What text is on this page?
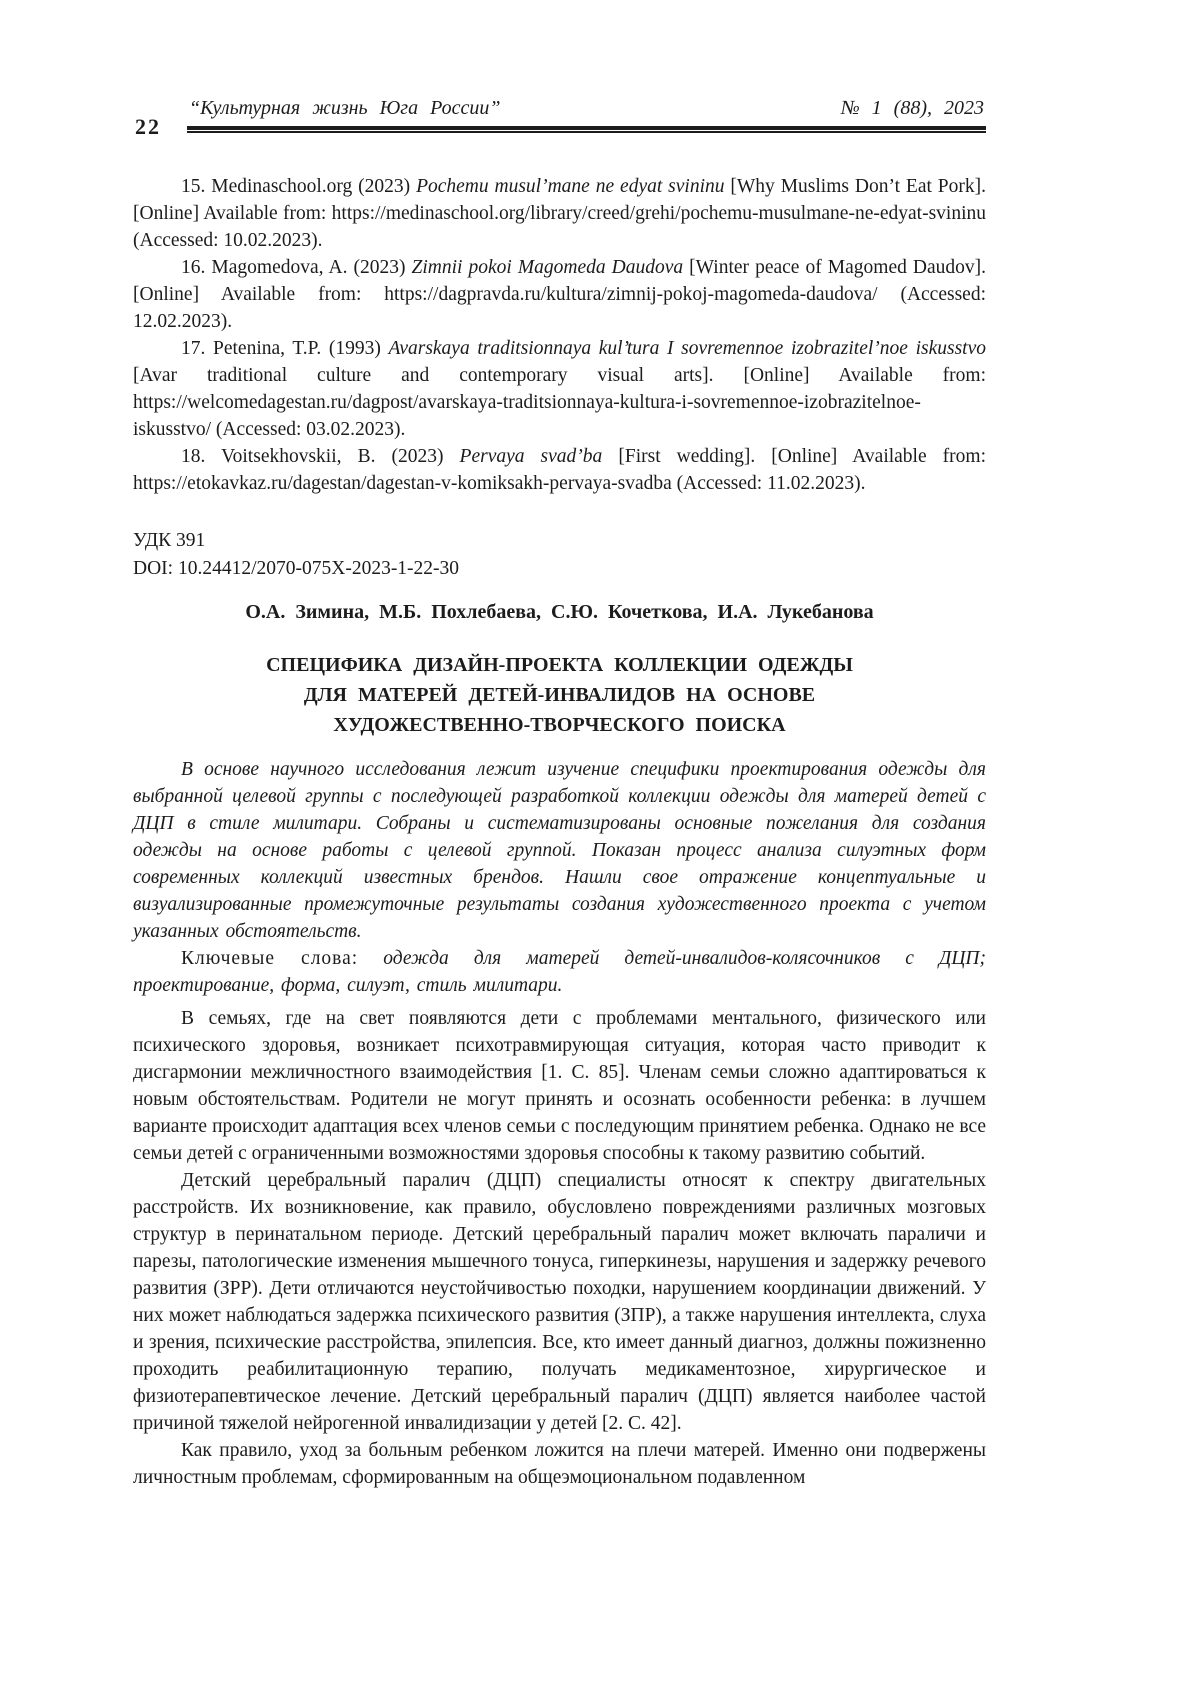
22
“Культурная жизнь Юга России”	№ 1 (88), 2023

15. Medinaschool.org (2023) Pochemu musul’mane ne edyat svininu [Why Muslims Don’t Eat Pork]. [Online] Available from: https://medinaschool.org/library/creed/grehi/pochemu-musulmane-ne-edyat-svininu (Accessed: 10.02.2023).

16. Magomedova, A. (2023) Zimnii pokoi Magomeda Daudova [Winter peace of Magomed Daudov]. [Online] Available from: https://dagpravda.ru/kultura/zimnij-pokoj-magomeda-daudova/ (Accessed: 12.02.2023).

17. Petenina, T.P. (1993) Avarskaya traditsionnaya kul’tura I sovremennoe izobrazitel’noe iskusstvo [Avar traditional culture and contemporary visual arts]. [Online] Available from: https://welcomedagestan.ru/dagpost/avarskaya-traditsionnaya-kultura-i-sovremennoe-izobrazitelnoe-iskusstvo/ (Accessed: 03.02.2023).

18. Voitsekhovskii, B. (2023) Pervaya svad’ba [First wedding]. [Online] Available from: https://etokavkaz.ru/dagestan/dagestan-v-komiksakh-pervaya-svadba (Accessed: 11.02.2023).

УДК 391
DOI: 10.24412/2070-075X-2023-1-22-30
О.А. Зимина, М.Б. Похлебаева, С.Ю. Кочеткова, И.А. Лукебанова
СПЕЦИФИКА ДИЗАЙН-ПРОЕКТА КОЛЛЕКЦИИ ОДЕЖДЫ
ДЛЯ МАТЕРЕЙ ДЕТЕЙ-ИНВАЛИДОВ НА ОСНОВЕ
ХУДОЖЕСТВЕННО-ТВОРЧЕСКОГО ПОИСКА

В основе научного исследования лежит изучение специфики проектирования одежды для выбранной целевой группы с последующей разработкой коллекции одежды для матерей детей с ДЦП в стиле милитари. Собраны и систематизированы основные пожелания для создания одежды на основе работы с целевой группой. Показан процесс анализа силуэтных форм современных коллекций известных брендов. Нашли свое отражение концептуальные и визуализированные промежуточные результаты создания художественного проекта с учетом указанных обстоятельств.

Ключевые слова: одежда для матерей детей-инвалидов-колясочников с ДЦП; проектирование, форма, силуэт, стиль милитари.

В семьях, где на свет появляются дети с проблемами ментального, физического или психического здоровья, возникает психотравмирующая ситуация, которая часто приводит к дисгармонии межличностного взаимодействия [1. С. 85]. Членам семьи сложно адаптироваться к новым обстоятельствам. Родители не могут принять и осознать особенности ребенка: в лучшем варианте происходит адаптация всех членов семьи с последующим принятием ребенка. Однако не все семьи детей с ограниченными возможностями здоровья способны к такому развитию событий.

Детский церебральный паралич (ДЦП) специалисты относят к спектру двигательных расстройств. Их возникновение, как правило, обусловлено повреждениями различных мозговых структур в перинатальном периоде. Детский церебральный паралич может включать параличи и парезы, патологические изменения мышечного тонуса, гиперкинезы, нарушения и задержку речевого развития (ЗРР). Дети отличаются неустойчивостью походки, нарушением координации движений. У них может наблюдаться задержка психического развития (ЗПР), а также нарушения интеллекта, слуха и зрения, психические расстройства, эпилепсия. Все, кто имеет данный диагноз, должны пожизненно проходить реабилитационную терапию, получать медикаментозное, хирургическое и физиотерапевтическое лечение. Детский церебральный паралич (ДЦП) является наиболее частой причиной тяжелой нейрогенной инвалидизации у детей [2. С. 42].

Как правило, уход за больным ребенком ложится на плечи матерей. Именно они подвержены личностным проблемам, сформированным на общеэмоциональном подавленном
